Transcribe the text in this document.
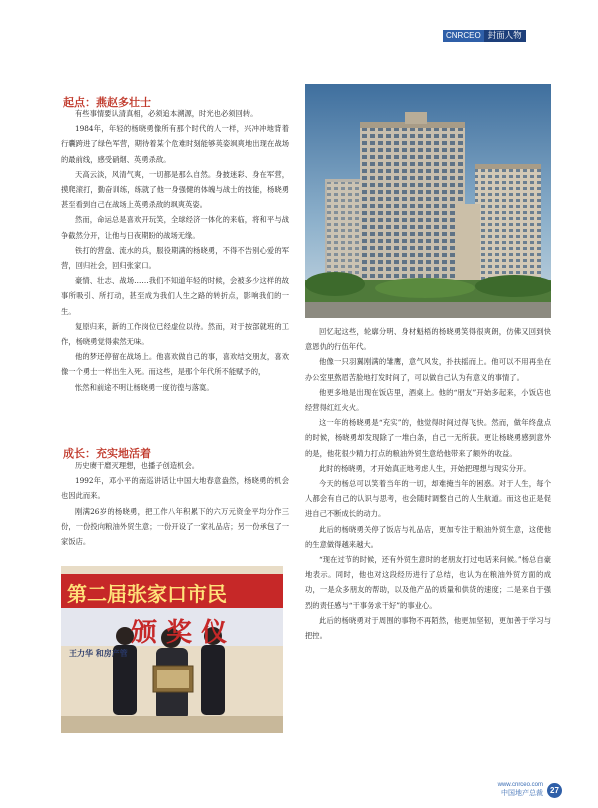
CNRCEO 封面人物
起点：燕赵多壮士

有些事情要认清真相，必须追本溯源，时光也必须回转。

1984年，年轻的杨晓勇像所有那个时代的人一样，兴冲冲地背着行囊跨进了绿色军营，期待着某个危难时刻能够英姿飒爽地出现在战场的最前线，感受硝烟、英勇杀敌。

天高云淡，风清气爽，一切都是那么自然。身披迷彩、身在军营，摸爬滚打，勤奋训练，练就了他一身强健的体魄与战士的技能，杨晓勇甚至看到自己在战场上英勇杀敌的飒爽英姿。

然而，命运总是喜欢开玩笑，全球经济一体化的来临，将和平与战争截然分开，让他与日夜期盼的战场无缘。

铁打的营盘、流水的兵，服役期满的杨晓勇，不得不告别心爱的军营，回归社会，回归张家口。

豪情、壮志、战场……我们不知道年轻的时候，会被多少这样的故事所吸引、所打动，甚至成为我们人生之路的转折点，影响我们的一生。

复原归来，新的工作岗位已经虚位以待。然而，对于按部就班的工作，杨晓勇觉得索然无味。

他的梦还停留在战场上。他喜欢做自己的事，喜欢结交朋友，喜欢像一个勇士一样出生入死。而这些，是那个年代所不能赋予的，

怅然和前途不明让杨晓勇一度彷徨与落寞。

成长：充实地活着

历史赓干磨灭理想，也播子创造机会。

1992年，邓小平的南巡讲话让中国大地春意盎然，杨晓勇的机会也因此而来。

刚满26岁的杨晓勇，把工作八年积累下的六万元资金平均分作三份，一份投向粮油外贸生意；一份开设了一家礼品店；另一份承包了一家饭店。

回忆起这些，轮廓分明、身材魁梧的杨晓勇笑得很爽朗，仿佛又回到快意恩仇的行伍年代。

他像一只羽翼刚满的雏鹰，意气风发，扑扶摇而上。他可以不用再坐在办公室里熬眉苦脸地打发时间了，可以做自己认为有意义的事情了。

他更多地是出现在饭店里，酒桌上。他的“朋友”开始多起来，小饭店也经营得红红火火。

这一年的杨晓勇是“充实”的，他觉得时间过得飞快。然而，做年终盘点的时候，杨晓勇却发现除了一堆白条，自己一无所获。更让杨晓勇感到意外的是，他花很少精力打点的粮油外贸生意给他带来了额外的收益。

此时的杨晓勇，才开始真正地考虑人生，开始把理想与现实分开。

今天的杨总可以笑着当年的一切，却难掩当年的困惑。对于人生，每个人都会有自己的认识与思考，也会随时调整自己的人生航道。而这也正是促进自己不断成长的动力。

此后的杨晓勇关停了饭店与礼品店，更加专注于粮油外贸生意，这使他的生意做得越来越大。

“现在过节的时候，还有外贸生意时的老朋友打过电话来问候。”杨总自豪地表示。同时，他也对这段经历进行了总结，也认为在粮油外贸方面的成功，一是众多朋友的帮助，以及他产品的质量和供货的速度；二是来自于强烈的责任感与“干事务求干好”的事业心。

此后的杨晓勇对于周围的事物不再陌然，他更加坚韧，更加善于学习与把控。

第二届张家口市民
颁 奖 仪
王力华 和房产管
www.cnrceo.com
中国地产总裁 27
